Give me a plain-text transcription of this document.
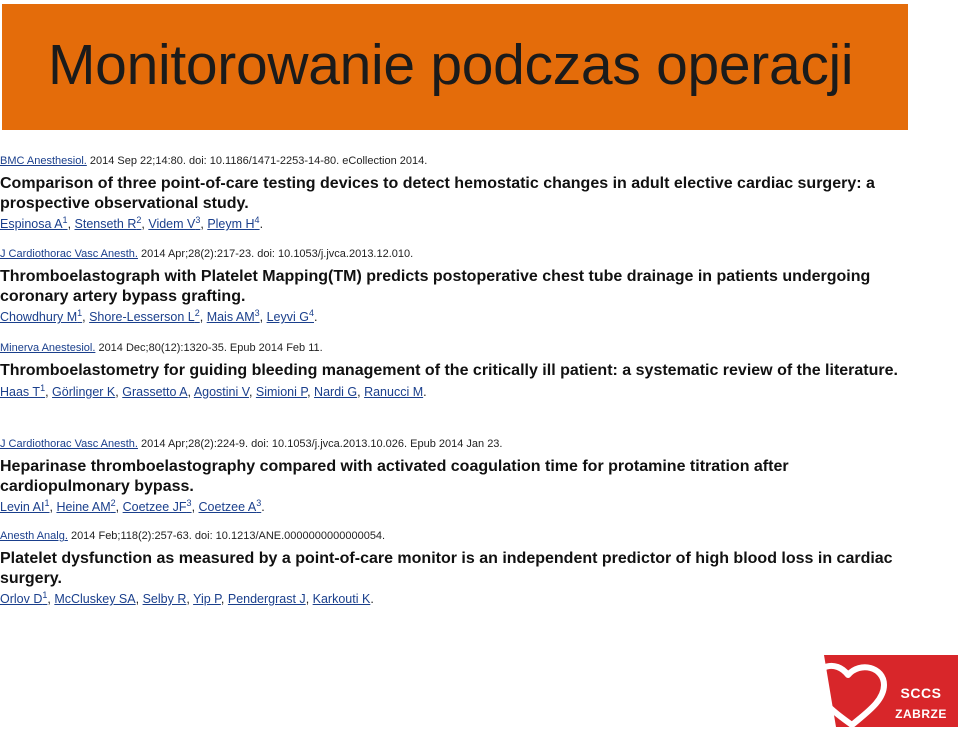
Monitorowanie podczas operacji
BMC Anesthesiol. 2014 Sep 22;14:80. doi: 10.1186/1471-2253-14-80. eCollection 2014.
Comparison of three point-of-care testing devices to detect hemostatic changes in adult elective cardiac surgery: a prospective observational study.
Espinosa $A^1$, Stenseth $R^2$, Videm $V^3$, Pleym $H^4$.
J Cardiothorac Vasc Anesth. 2014 Apr;28(2):217-23. doi: 10.1053/j.jvca.2013.12.010.
Thromboelastograph with Platelet Mapping(TM) predicts postoperative chest tube drainage in patients undergoing coronary artery bypass grafting.
Chowdhury $M^1$, Shore-Lesserson $L^2$, Mais $AM^3$, Leyvi $G^4$.
Minerva Anestesiol. 2014 Dec;80(12):1320-35. Epub 2014 Feb 11.
Thromboelastometry for guiding bleeding management of the critically ill patient: a systematic review of the literature.
Haas $T^1$, Görlinger K, Grassetto A, Agostini V, Simioni P, Nardi G, Ranucci M.
J Cardiothorac Vasc Anesth. 2014 Apr;28(2):224-9. doi: 10.1053/j.jvca.2013.10.026. Epub 2014 Jan 23.
Heparinase thromboelastography compared with activated coagulation time for protamine titration after cardiopulmonary bypass.
Levin $AI^1$, Heine $AM^2$, Coetzee $JF^3$, Coetzee $A^3$.
Anesth Analg. 2014 Feb;118(2):257-63. doi: 10.1213/ANE.0000000000000054.
Platelet dysfunction as measured by a point-of-care monitor is an independent predictor of high blood loss in cardiac surgery.
Orlov $D^1$, McCluskey SA, Selby R, Yip P, Pendergrast J, Karkouti K.
SCCS
ZABRZE
